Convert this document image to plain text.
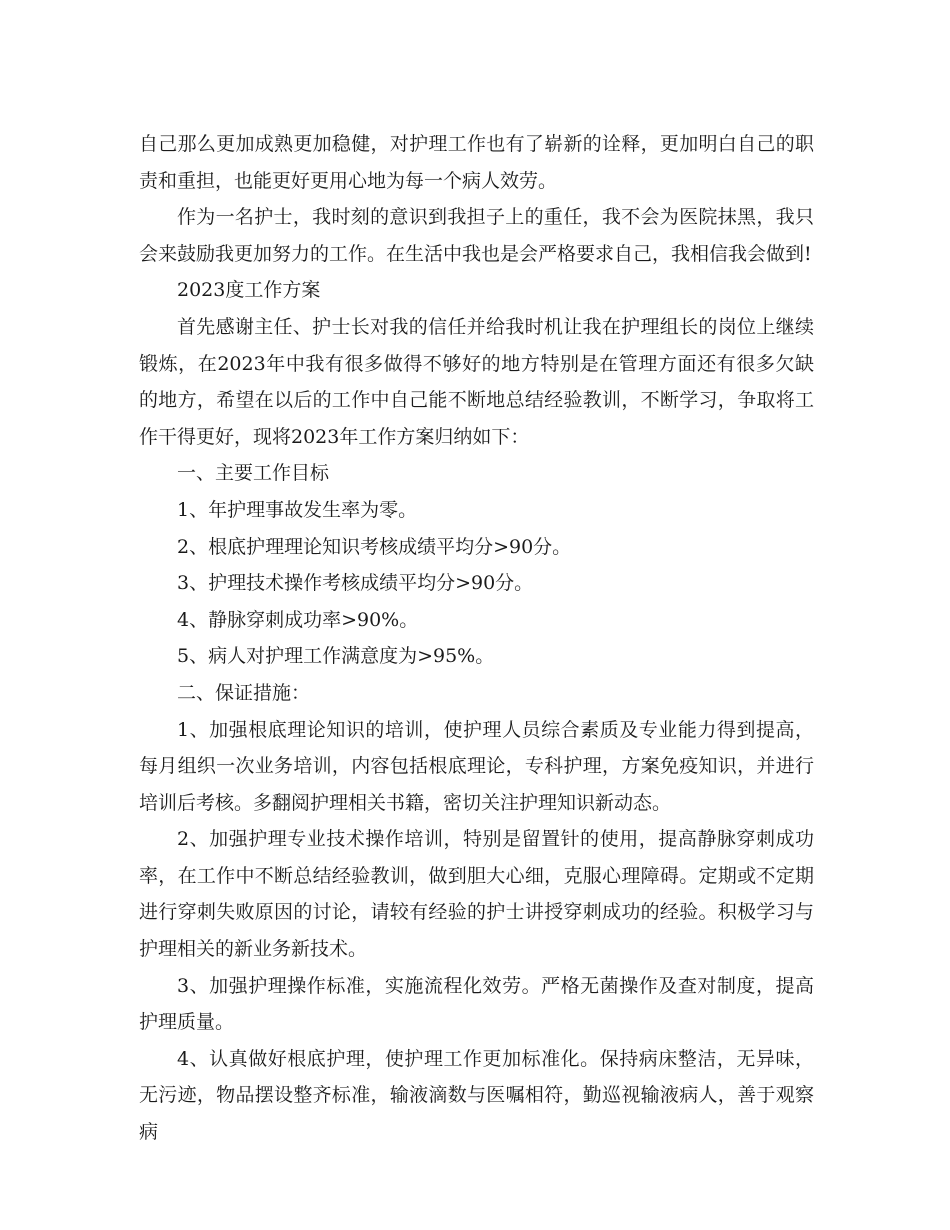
自己那么更加成熟更加稳健，对护理工作也有了崭新的诠释，更加明白自己的职责和重担，也能更好更用心地为每一个病人效劳。

作为一名护士，我时刻的意识到我担子上的重任，我不会为医院抹黑，我只会来鼓励我更加努力的工作。在生活中我也是会严格要求自己，我相信我会做到!

2023度工作方案

首先感谢主任、护士长对我的信任并给我时机让我在护理组长的岗位上继续锻炼，在2023年中我有很多做得不够好的地方特别是在管理方面还有很多欠缺的地方，希望在以后的工作中自己能不断地总结经验教训，不断学习，争取将工作干得更好，现将2023年工作方案归纳如下：

一、主要工作目标

1、年护理事故发生率为零。

2、根底护理理论知识考核成绩平均分>90分。

3、护理技术操作考核成绩平均分>90分。

4、静脉穿刺成功率>90%。

5、病人对护理工作满意度为>95%。

二、保证措施：

1、加强根底理论知识的培训，使护理人员综合素质及专业能力得到提高，每月组织一次业务培训，内容包括根底理论，专科护理，方案免疫知识，并进行培训后考核。多翻阅护理相关书籍，密切关注护理知识新动态。

2、加强护理专业技术操作培训，特别是留置针的使用，提高静脉穿刺成功率，在工作中不断总结经验教训，做到胆大心细，克服心理障碍。定期或不定期进行穿刺失败原因的讨论，请较有经验的护士讲授穿刺成功的经验。积极学习与护理相关的新业务新技术。

3、加强护理操作标准，实施流程化效劳。严格无菌操作及查对制度，提高护理质量。

4、认真做好根底护理，使护理工作更加标准化。保持病床整洁，无异味，无污迹，物品摆设整齐标准，输液滴数与医嘱相符，勤巡视输液病人，善于观察病
